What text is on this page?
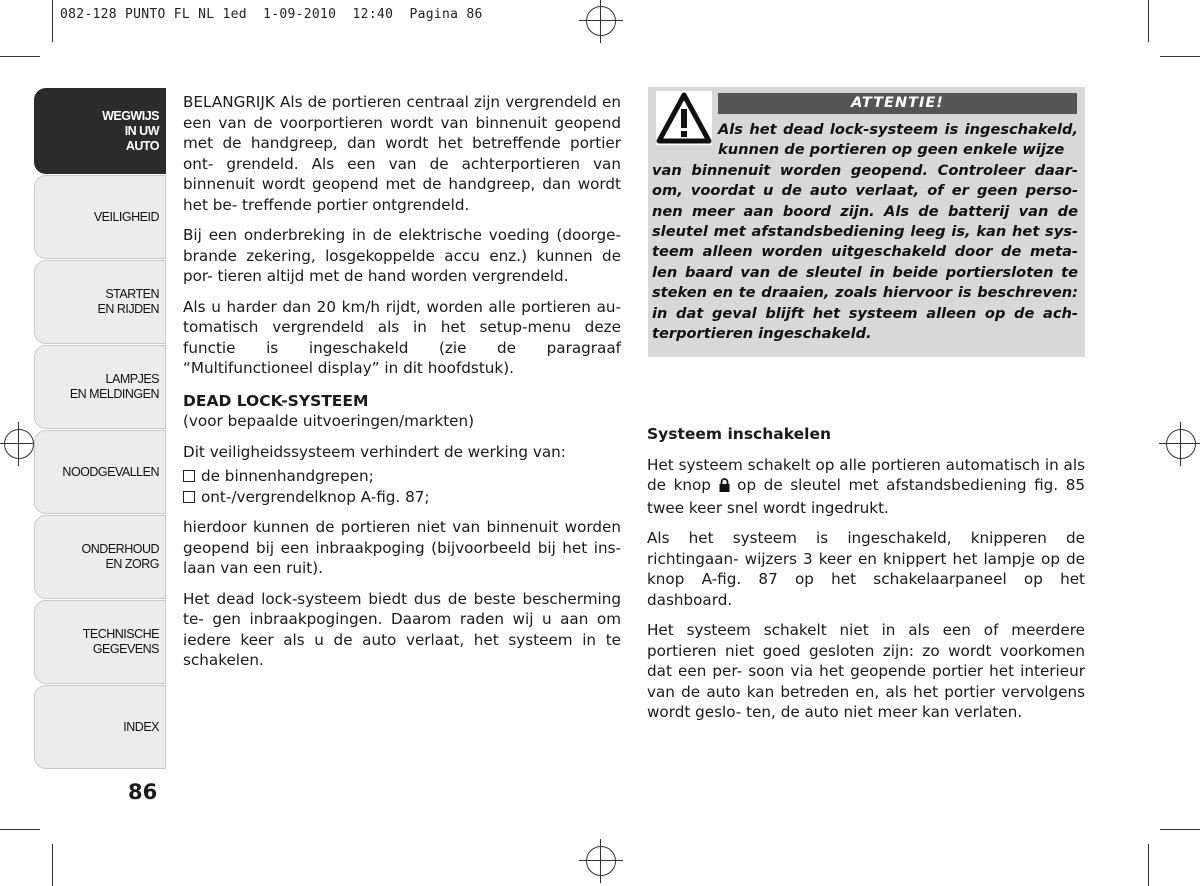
082-128 PUNTO FL NL 1ed  1-09-2010  12:40  Pagina 86
WEGWIJS
IN UW
AUTO
VEILIGHEID
STARTEN
EN RIJDEN
LAMPJES
EN MELDINGEN
NOODGEVALLEN
ONDERHOUD
EN ZORG
TECHNISCHE
GEGEVENS
INDEX
86

BELANGRIJK Als de portieren centraal zijn vergrendeld en een van de voorportieren wordt van binnenuit geopend met de handgreep, dan wordt het betreffende portier ont- grendeld. Als een van de achterportieren van binnenuit wordt geopend met de handgreep, dan wordt het be- treffende portier ontgrendeld.

Bij een onderbreking in de elektrische voeding (doorge- brande zekering, losgekoppelde accu enz.) kunnen de por- tieren altijd met de hand worden vergrendeld.

Als u harder dan 20 km/h rijdt, worden alle portieren au- tomatisch vergrendeld als in het setup-menu deze functie is ingeschakeld (zie de paragraaf “Multifunctioneel display” in dit hoofdstuk).

DEAD LOCK-SYSTEEM

(voor bepaalde uitvoeringen/markten)

Dit veiligheidssysteem verhindert de werking van:

de binnenhandgrepen;

ont-/vergrendelknop A-fig. 87;

hierdoor kunnen de portieren niet van binnenuit worden geopend bij een inbraakpoging (bijvoorbeeld bij het ins- laan van een ruit).

Het dead lock-systeem biedt dus de beste bescherming te- gen inbraakpogingen. Daarom raden wij u aan om iedere keer als u de auto verlaat, het systeem in te schakelen.

ATTENTIE!
Als het dead lock-systeem is ingeschakeld, kunnen de portieren op geen enkele wijze
van binnenuit worden geopend. Controleer daar- om, voordat u de auto verlaat, of er geen perso- nen meer aan boord zijn. Als de batterij van de sleutel met afstandsbediening leeg is, kan het sys- teem alleen worden uitgeschakeld door de meta- len baard van de sleutel in beide portiersloten te steken en te draaien, zoals hiervoor is beschreven: in dat geval blijft het systeem alleen op de ach- terportieren ingeschakeld.
Systeem inschakelen

Het systeem schakelt op alle portieren automatisch in als de knop op de sleutel met afstandsbediening fig. 85 twee keer snel wordt ingedrukt.

Als het systeem is ingeschakeld, knipperen de richtingaan- wijzers 3 keer en knippert het lampje op de knop A-fig. 87 op het schakelaarpaneel op het dashboard.

Het systeem schakelt niet in als een of meerdere portieren niet goed gesloten zijn: zo wordt voorkomen dat een per- soon via het geopende portier het interieur van de auto kan betreden en, als het portier vervolgens wordt geslo- ten, de auto niet meer kan verlaten.
